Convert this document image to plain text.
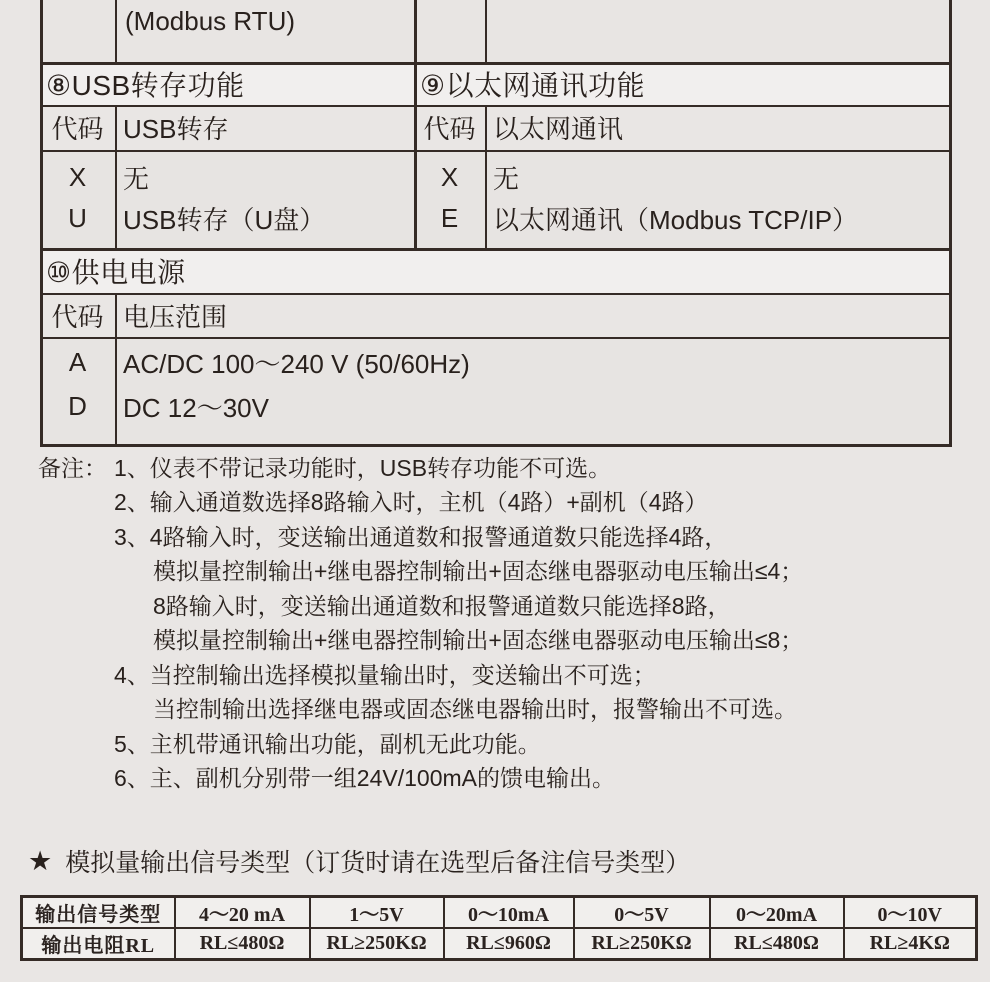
(Modbus RTU)
⑧USB转存功能	⑨以太网通讯功能
代码 USB转存	代码 以太网通讯
X	无
U	USB转存（U盘）
X	无
E	以太网通讯（Modbus TCP/IP）
⑩供电电源
代码 电压范围
A	AC/DC 100～240 V (50/60Hz)
D	DC 12～30V
备注： 1、仪表不带记录功能时，USB转存功能不可选。
2、输入通道数选择8路输入时，主机（4路）+副机（4路）
3、4路输入时，变送输出通道数和报警通道数只能选择4路，
模拟量控制输出+继电器控制输出+固态继电器驱动电压输出≤4；
8路输入时，变送输出通道数和报警通道数只能选择8路，
模拟量控制输出+继电器控制输出+固态继电器驱动电压输出≤8；
4、当控制输出选择模拟量输出时，变送输出不可选；
当控制输出选择继电器或固态继电器输出时，报警输出不可选。
5、主机带通讯输出功能，副机无此功能。
6、主、副机分别带一组24V/100mA的馈电输出。
★ 模拟量输出信号类型（订货时请在选型后备注信号类型）
输出信号类型	4～20 mA	1～5V	0～10mA	0～5V	0～20mA	0～10V
输出电阻RL	RL≤480Ω	RL≥250KΩ	RL≤960Ω	RL≥250KΩ	RL≤480Ω	RL≥4KΩ
